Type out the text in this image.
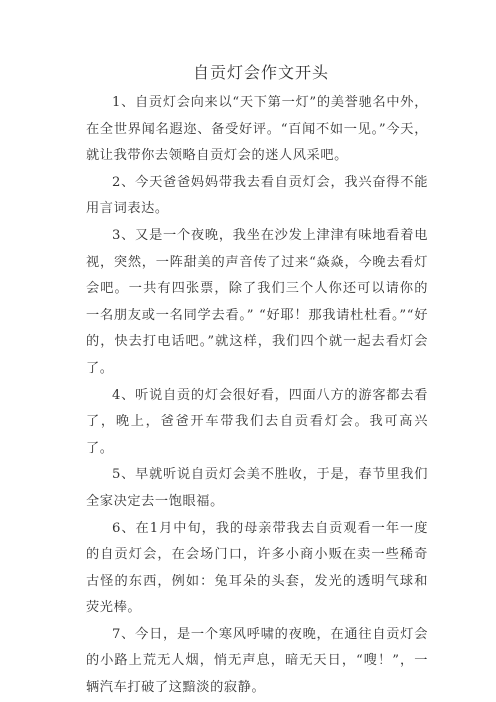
自贡灯会作文开头

1、自贡灯会向来以“天下第一灯”的美誉驰名中外，在全世界闻名遐迩、备受好评。“百闻不如一见。”今天，就让我带你去领略自贡灯会的迷人风采吧。

2、今天爸爸妈妈带我去看自贡灯会，我兴奋得不能用言词表达。

3、又是一个夜晚，我坐在沙发上津津有味地看着电视，突然，一阵甜美的声音传了过来“焱焱，今晚去看灯会吧。一共有四张票，除了我们三个人你还可以请你的一名朋友或一名同学去看。” “好耶！那我请杜杜看。”“好的，快去打电话吧。”就这样，我们四个就一起去看灯会了。

4、听说自贡的灯会很好看，四面八方的游客都去看了，晚上，爸爸开车带我们去自贡看灯会。我可高兴了。

5、早就听说自贡灯会美不胜收，于是，春节里我们全家决定去一饱眼福。

6、在1月中旬，我的母亲带我去自贡观看一年一度的自贡灯会，在会场门口，许多小商小贩在卖一些稀奇古怪的东西，例如：兔耳朵的头套，发光的透明气球和荧光棒。

7、今日，是一个寒风呼啸的夜晚，在通往自贡灯会的小路上荒无人烟，悄无声息，暗无天日，“嗖！”，一辆汽车打破了这黯淡的寂静。
